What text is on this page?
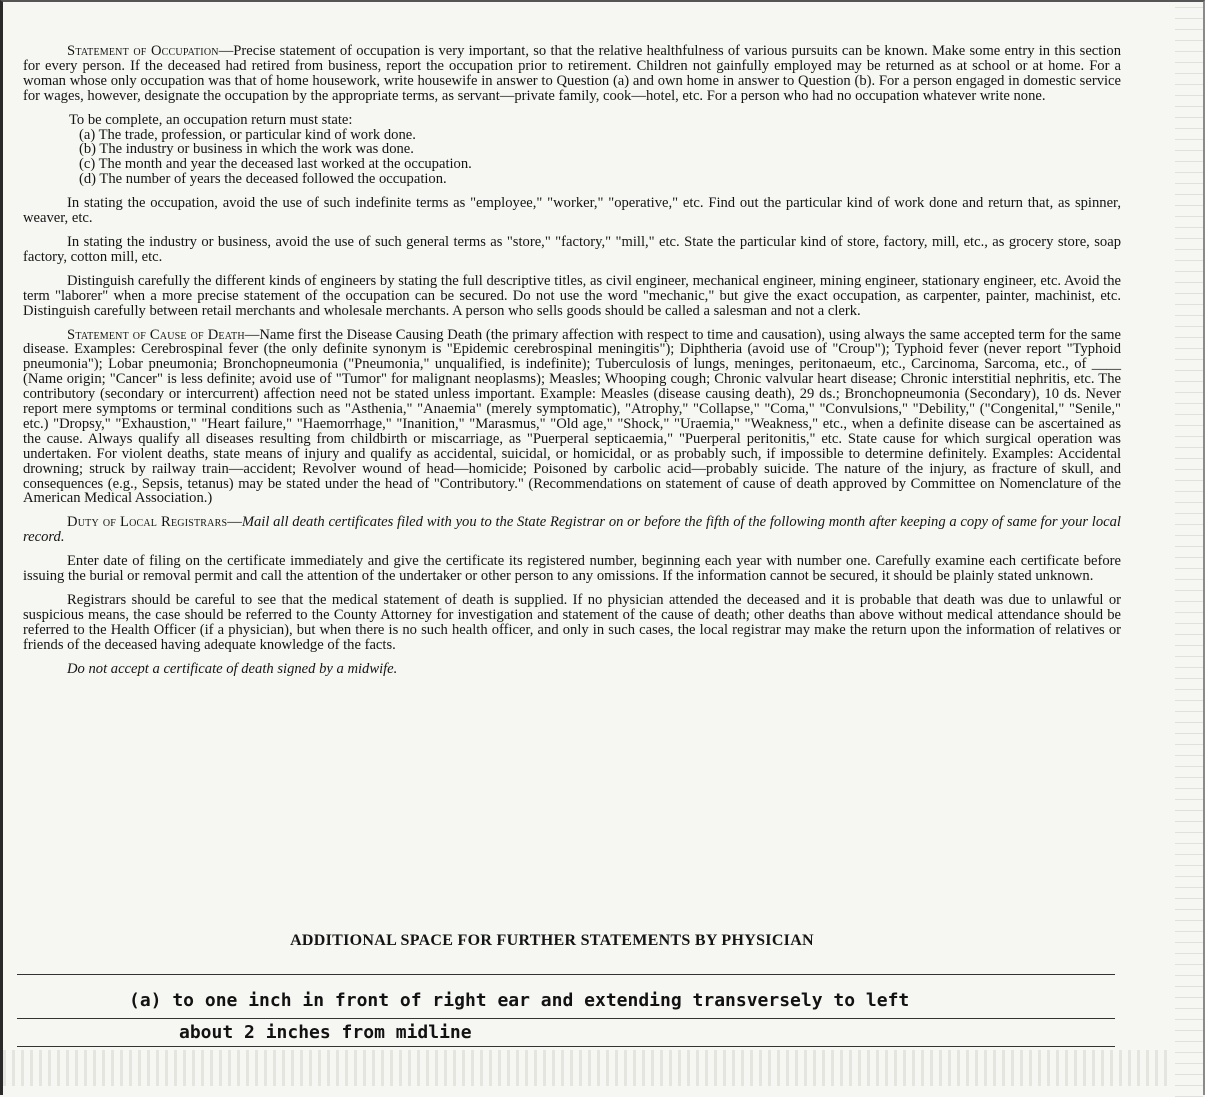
Statement of Occupation—Precise statement of occupation is very important, so that the relative healthfulness of various pursuits can be known. Make some entry in this section for every person. If the deceased had retired from business, report the occupation prior to retirement. Children not gainfully employed may be returned as at school or at home. For a woman whose only occupation was that of home housework, write housewife in answer to Question (a) and own home in answer to Question (b). For a person engaged in domestic service for wages, however, designate the occupation by the appropriate terms, as servant—private family, cook—hotel, etc. For a person who had no occupation whatever write none.

To be complete, an occupation return must state:
(a) The trade, profession, or particular kind of work done.
(b) The industry or business in which the work was done.
(c) The month and year the deceased last worked at the occupation.
(d) The number of years the deceased followed the occupation.

In stating the occupation, avoid the use of such indefinite terms as "employee," "worker," "operative," etc. Find out the particular kind of work done and return that, as spinner, weaver, etc.

In stating the industry or business, avoid the use of such general terms as "store," "factory," "mill," etc. State the particular kind of store, factory, mill, etc., as grocery store, soap factory, cotton mill, etc.

Distinguish carefully the different kinds of engineers by stating the full descriptive titles, as civil engineer, mechanical engineer, mining engineer, stationary engineer, etc. Avoid the term "laborer" when a more precise statement of the occupation can be secured. Do not use the word "mechanic," but give the exact occupation, as carpenter, painter, machinist, etc. Distinguish carefully between retail merchants and wholesale merchants. A person who sells goods should be called a salesman and not a clerk.

Statement of Cause of Death—Name first the Disease Causing Death (the primary affection with respect to time and causation), using always the same accepted term for the same disease. Examples: Cerebrospinal fever (the only definite synonym is "Epidemic cerebrospinal meningitis"); Diphtheria (avoid use of "Croup"); Typhoid fever (never report "Typhoid pneumonia"); Lobar pneumonia; Bronchopneumonia ("Pneumonia," unqualified, is indefinite); Tuberculosis of lungs, meninges, peritonaeum, etc., Carcinoma, Sarcoma, etc., of ____ (Name origin; "Cancer" is less definite; avoid use of "Tumor" for malignant neoplasms); Measles; Whooping cough; Chronic valvular heart disease; Chronic interstitial nephritis, etc. The contributory (secondary or intercurrent) affection need not be stated unless important. Example: Measles (disease causing death), 29 ds.; Bronchopneumonia (Secondary), 10 ds. Never report mere symptoms or terminal conditions such as "Asthenia," "Anaemia" (merely symptomatic), "Atrophy," "Collapse," "Coma," "Convulsions," "Debility," ("Congenital," "Senile," etc.) "Dropsy," "Exhaustion," "Heart failure," "Haemorrhage," "Inanition," "Marasmus," "Old age," "Shock," "Uraemia," "Weakness," etc., when a definite disease can be ascertained as the cause. Always qualify all diseases resulting from childbirth or miscarriage, as "Puerperal septicaemia," "Puerperal peritonitis," etc. State cause for which surgical operation was undertaken. For violent deaths, state means of injury and qualify as accidental, suicidal, or homicidal, or as probably such, if impossible to determine definitely. Examples: Accidental drowning; struck by railway train—accident; Revolver wound of head—homicide; Poisoned by carbolic acid—probably suicide. The nature of the injury, as fracture of skull, and consequences (e.g., Sepsis, tetanus) may be stated under the head of "Contributory." (Recommendations on statement of cause of death approved by Committee on Nomenclature of the American Medical Association.)

Duty of Local Registrars—Mail all death certificates filed with you to the State Registrar on or before the fifth of the following month after keeping a copy of same for your local record.

Enter date of filing on the certificate immediately and give the certificate its registered number, beginning each year with number one. Carefully examine each certificate before issuing the burial or removal permit and call the attention of the undertaker or other person to any omissions. If the information cannot be secured, it should be plainly stated unknown.

Registrars should be careful to see that the medical statement of death is supplied. If no physician attended the deceased and it is probable that death was due to unlawful or suspicious means, the case should be referred to the County Attorney for investigation and statement of the cause of death; other deaths than above without medical attendance should be referred to the Health Officer (if a physician), but when there is no such health officer, and only in such cases, the local registrar may make the return upon the information of relatives or friends of the deceased having adequate knowledge of the facts.

Do not accept a certificate of death signed by a midwife.

ADDITIONAL SPACE FOR FURTHER STATEMENTS BY PHYSICIAN
(a) to one inch in front of right ear and extending transversely to left
about 2 inches from midline
